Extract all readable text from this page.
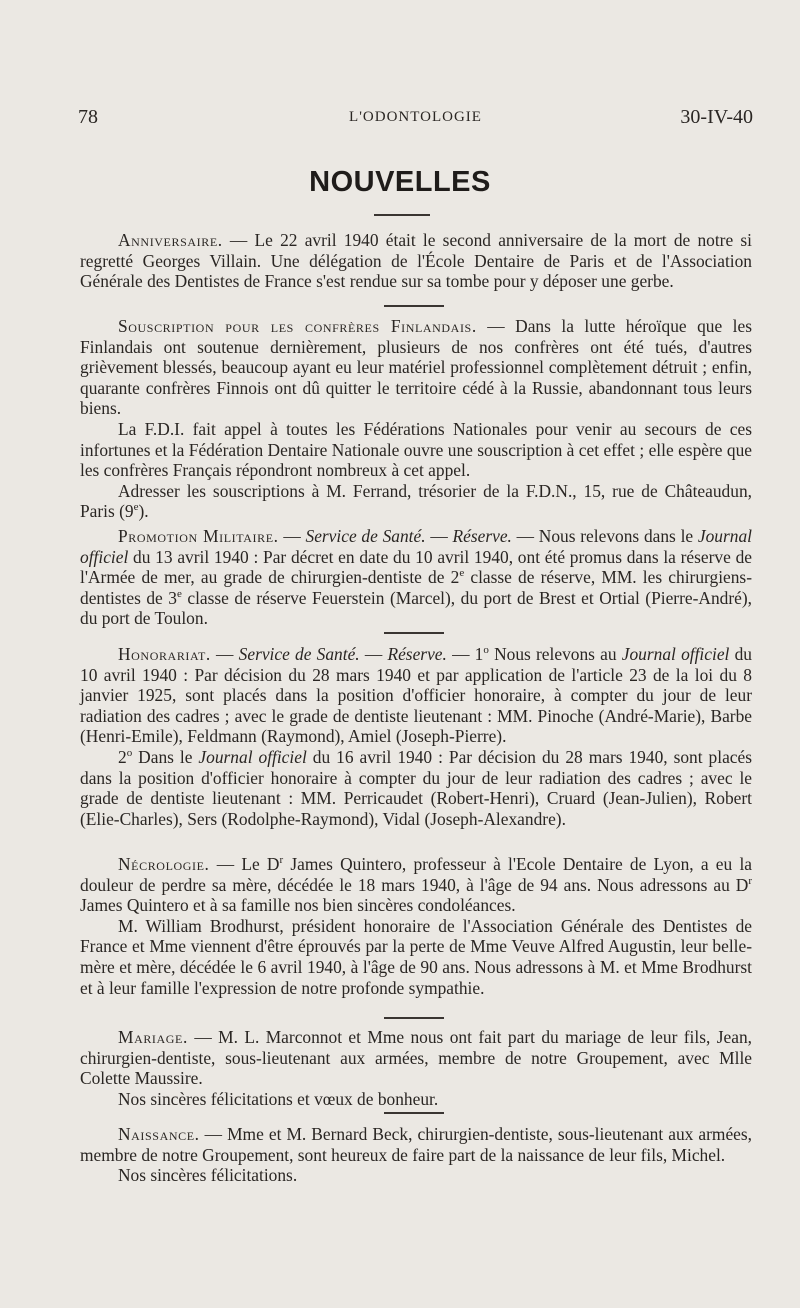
78	L'ODONTOLOGIE	30-IV-40
NOUVELLES

Anniversaire. — Le 22 avril 1940 était le second anniversaire de la mort de notre si regretté Georges Villain. Une délégation de l'École Dentaire de Paris et de l'Association Générale des Dentistes de France s'est rendue sur sa tombe pour y déposer une gerbe.

Souscription pour les confrères Finlandais. — Dans la lutte héroïque que les Finlandais ont soutenue dernièrement, plusieurs de nos confrères ont été tués, d'autres grièvement blessés, beaucoup ayant eu leur matériel professionnel complètement détruit ; enfin, quarante confrères Finnois ont dû quitter le territoire cédé à la Russie, abandonnant tous leurs biens.

La F.D.I. fait appel à toutes les Fédérations Nationales pour venir au secours de ces infortunes et la Fédération Dentaire Nationale ouvre une souscription à cet effet ; elle espère que les confrères Français répondront nombreux à cet appel.

Adresser les souscriptions à M. Ferrand, trésorier de la F.D.N., 15, rue de Châteaudun, Paris (9e).

Promotion Militaire. — Service de Santé. — Réserve. — Nous relevons dans le Journal officiel du 13 avril 1940 : Par décret en date du 10 avril 1940, ont été promus dans la réserve de l'Armée de mer, au grade de chirurgien-dentiste de 2e classe de réserve, MM. les chirurgiens-dentistes de 3e classe de réserve Feuerstein (Marcel), du port de Brest et Ortial (Pierre-André), du port de Toulon.

Honorariat. — Service de Santé. — Réserve. — 1$^o$ Nous relevons au Journal officiel du 10 avril 1940 : Par décision du 28 mars 1940 et par application de l'article 23 de la loi du 8 janvier 1925, sont placés dans la position d'officier honoraire, à compter du jour de leur radiation des cadres ; avec le grade de dentiste lieutenant : MM. Pinoche (André-Marie), Barbe (Henri-Emile), Feldmann (Raymond), Amiel (Joseph-Pierre).

2$^o$ Dans le Journal officiel du 16 avril 1940 : Par décision du 28 mars 1940, sont placés dans la position d'officier honoraire à compter du jour de leur radiation des cadres ; avec le grade de dentiste lieutenant : MM. Perricaudet (Robert-Henri), Cruard (Jean-Julien), Robert (Elie-Charles), Sers (Rodolphe-Raymond), Vidal (Joseph-Alexandre).

Nécrologie. — Le $D^r$ James Quintero, professeur à l'Ecole Dentaire de Lyon, a eu la douleur de perdre sa mère, décédée le 18 mars 1940, à l'âge de 94 ans. Nous adressons au $D^r$ James Quintero et à sa famille nos bien sincères condoléances.

M. William Brodhurst, président honoraire de l'Association Générale des Dentistes de France et Mme viennent d'être éprouvés par la perte de Mme Veuve Alfred Augustin, leur belle-mère et mère, décédée le 6 avril 1940, à l'âge de 90 ans. Nous adressons à M. et Mme Brodhurst et à leur famille l'expression de notre profonde sympathie.

Mariage. — M. L. Marconnot et Mme nous ont fait part du mariage de leur fils, Jean, chirurgien-dentiste, sous-lieutenant aux armées, membre de notre Groupement, avec Mlle Colette Maussire.

Nos sincères félicitations et vœux de bonheur.

Naissance. — Mme et M. Bernard Beck, chirurgien-dentiste, sous-lieutenant aux armées, membre de notre Groupement, sont heureux de faire part de la naissance de leur fils, Michel.

Nos sincères félicitations.
